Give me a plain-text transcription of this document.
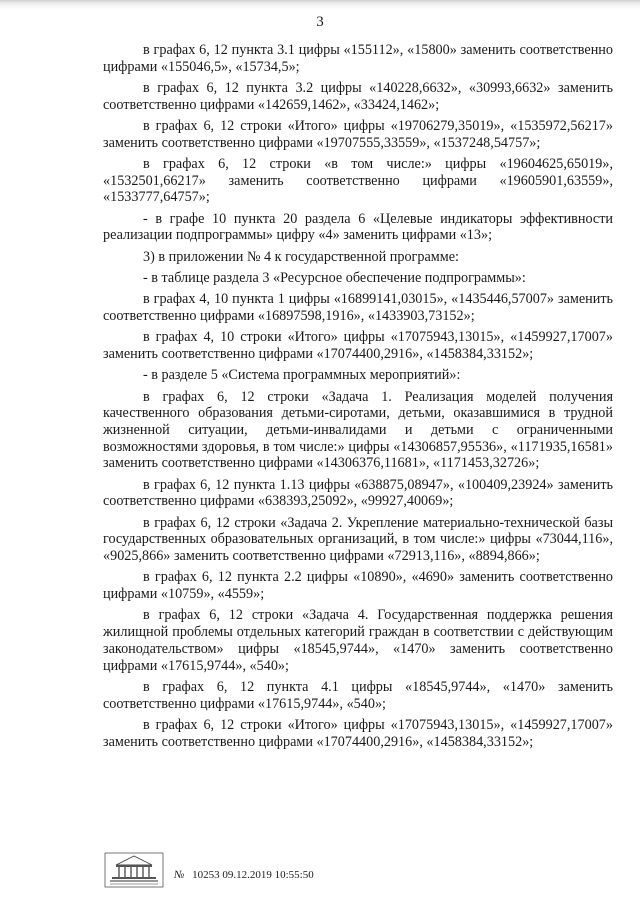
3

в графах 6, 12 пункта 3.1 цифры «155112», «15800» заменить соответственно цифрами «155046,5», «15734,5»;

в графах 6, 12 пункта 3.2 цифры «140228,6632», «30993,6632» заменить соответственно цифрами «142659,1462», «33424,1462»;

в графах 6, 12 строки «Итого» цифры «19706279,35019», «1535972,56217» заменить соответственно цифрами «19707555,33559», «1537248,54757»;

в графах 6, 12 строки «в том числе:» цифры «19604625,65019», «1532501,66217» заменить соответственно цифрами «19605901,63559», «1533777,64757»;

- в графе 10 пункта 20 раздела 6 «Целевые индикаторы эффективности реализации подпрограммы» цифру «4» заменить цифрами «13»;

3) в приложении № 4 к государственной программе:

- в таблице раздела 3 «Ресурсное обеспечение подпрограммы»:

в графах 4, 10 пункта 1 цифры «16899141,03015», «1435446,57007» заменить соответственно цифрами «16897598,1916», «1433903,73152»;

в графах 4, 10 строки «Итого» цифры «17075943,13015», «1459927,17007» заменить соответственно цифрами «17074400,2916», «1458384,33152»;

- в разделе 5 «Система программных мероприятий»:

в графах 6, 12 строки «Задача 1. Реализация моделей получения качественного образования детьми-сиротами, детьми, оказавшимися в трудной жизненной ситуации, детьми-инвалидами и детьми с ограниченными возможностями здоровья, в том числе:» цифры «14306857,95536», «1171935,16581» заменить соответственно цифрами «14306376,11681», «1171453,32726»;

в графах 6, 12 пункта 1.13 цифры «638875,08947», «100409,23924» заменить соответственно цифрами «638393,25092», «99927,40069»;

в графах 6, 12 строки «Задача 2. Укрепление материально-технической базы государственных образовательных организаций, в том числе:» цифры «73044,116», «9025,866» заменить соответственно цифрами «72913,116», «8894,866»;

в графах 6, 12 пункта 2.2 цифры «10890», «4690» заменить соответственно цифрами «10759», «4559»;

в графах 6, 12 строки «Задача 4. Государственная поддержка решения жилищной проблемы отдельных категорий граждан в соответствии с действующим законодательством» цифры «18545,9744», «1470» заменить соответственно цифрами «17615,9744», «540»;

в графах 6, 12 пункта 4.1 цифры «18545,9744», «1470» заменить соответственно цифрами «17615,9744», «540»;

в графах 6, 12 строки «Итого» цифры «17075943,13015», «1459927,17007» заменить соответственно цифрами «17074400,2916», «1458384,33152»;

№ 10253 09.12.2019 10:55:50
